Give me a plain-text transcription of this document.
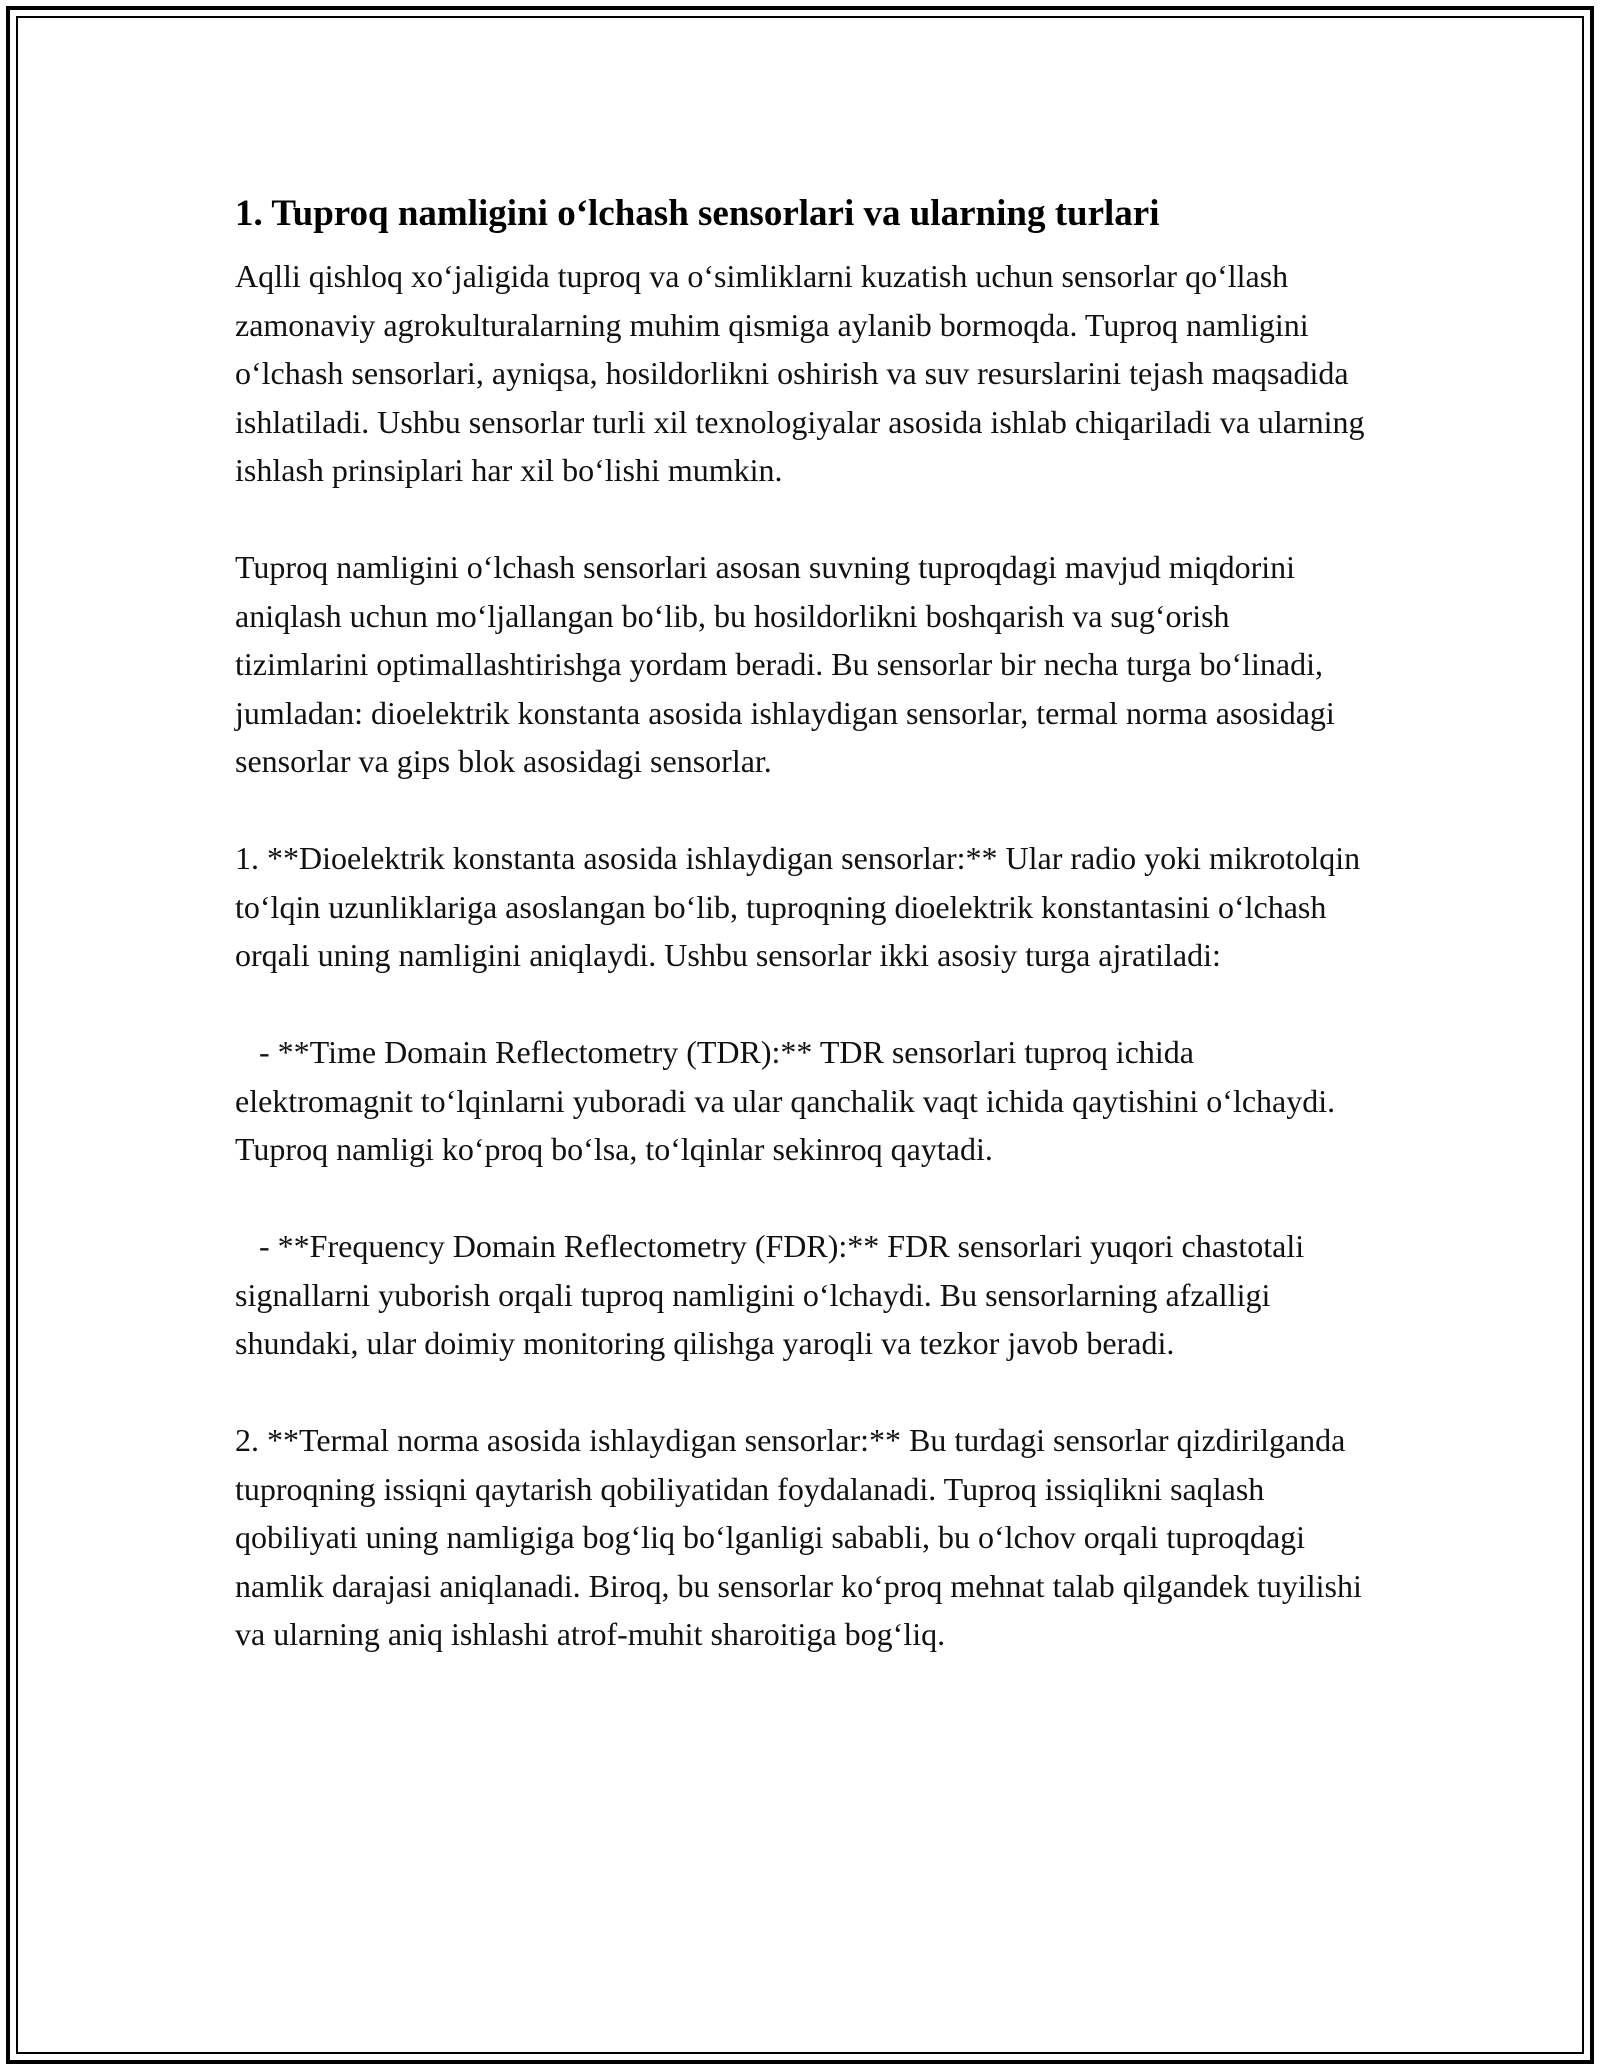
1. Tuproq namligini o‘lchash sensorlari va ularning turlari

Aqlli qishloq xo‘jaligida tuproq va o‘simliklarni kuzatish uchun sensorlar qo‘llash zamonaviy agrokulturalarning muhim qismiga aylanib bormoqda. Tuproq namligini o‘lchash sensorlari, ayniqsa, hosildorlikni oshirish va suv resurslarini tejash maqsadida ishlatiladi. Ushbu sensorlar turli xil texnologiyalar asosida ishlab chiqariladi va ularning ishlash prinsiplari har xil bo‘lishi mumkin.

Tuproq namligini o‘lchash sensorlari asosan suvning tuproqdagi mavjud miqdorini aniqlash uchun mo‘ljallangan bo‘lib, bu hosildorlikni boshqarish va sug‘orish tizimlarini optimallashtirishga yordam beradi. Bu sensorlar bir necha turga bo‘linadi, jumladan: dioelektrik konstanta asosida ishlaydigan sensorlar, termal norma asosidagi sensorlar va gips blok asosidagi sensorlar.

1. **Dioelektrik konstanta asosida ishlaydigan sensorlar:** Ular radio yoki mikrotolqin to‘lqin uzunliklariga asoslangan bo‘lib, tuproqning dioelektrik konstantasini o‘lchash orqali uning namligini aniqlaydi. Ushbu sensorlar ikki asosiy turga ajratiladi:

- **Time Domain Reflectometry (TDR):** TDR sensorlari tuproq ichida elektromagnit to‘lqinlarni yuboradi va ular qanchalik vaqt ichida qaytishini o‘lchaydi. Tuproq namligi ko‘proq bo‘lsa, to‘lqinlar sekinroq qaytadi.

- **Frequency Domain Reflectometry (FDR):** FDR sensorlari yuqori chastotali signallarni yuborish orqali tuproq namligini o‘lchaydi. Bu sensorlarning afzalligi shundaki, ular doimiy monitoring qilishga yaroqli va tezkor javob beradi.

2. **Termal norma asosida ishlaydigan sensorlar:** Bu turdagi sensorlar qizdirilganda tuproqning issiqni qaytarish qobiliyatidan foydalanadi. Tuproq issiqlikni saqlash qobiliyati uning namligiga bog‘liq bo‘lganligi sababli, bu o‘lchov orqali tuproqdagi namlik darajasi aniqlanadi. Biroq, bu sensorlar ko‘proq mehnat talab qilgandek tuyilishi va ularning aniq ishlashi atrof-muhit sharoitiga bog‘liq.
